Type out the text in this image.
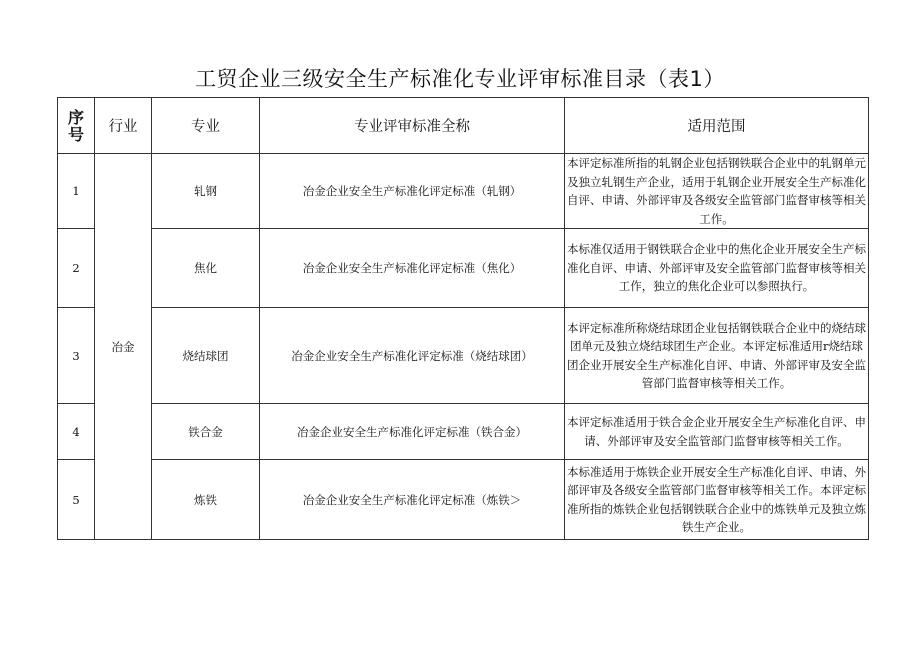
工贸企业三级安全生产标准化专业评审标准目录（表1）
序号	行业	专业	专业评审标准全称	适用范围
1	冶金	轧钢	冶金企业安全生产标准化评定标准（轧钢）	本评定标准所指的轧钢企业包括钢铁联合企业中的轧钢单元及独立轧钢生产企业，适用于轧钢企业开展安全生产标准化自评、申请、外部评审及各级安全监管部门监督审核等相关工作。
2		焦化	冶金企业安全生产标准化评定标准（焦化）	本标准仅适用于钢铁联合企业中的焦化企业开展安全生产标准化自评、申请、外部评审及安全监管部门监督审核等相关工作，独立的焦化企业可以参照执行。
3		烧结球团	冶金企业安全生产标准化评定标准（烧结球团）	本评定标准所称烧结球团企业包括钢铁联合企业中的烧结球团单元及独立烧结球团生产企业。本评定标准适用r烧结球团企业开展安全生产标准化自评、申请、外部评审及安全监管部门监督审核等相关工作。
4		铁合金	冶金企业安全生产标准化评定标准（铁合金）	本评定标准适用于铁合金企业开展安全生产标准化自评、申请、外部评审及安全监管部门监督审核等相关工作。
5		炼铁	冶金企业安全生产标准化评定标准（炼铁＞	本标准适用于炼铁企业开展安全生产标准化自评、申请、外部评审及各级安全监管部门监督审核等相关工作。本评定标准所指的炼铁企业包括钢铁联合企业中的炼铁单元及独立炼铁生产企业。
